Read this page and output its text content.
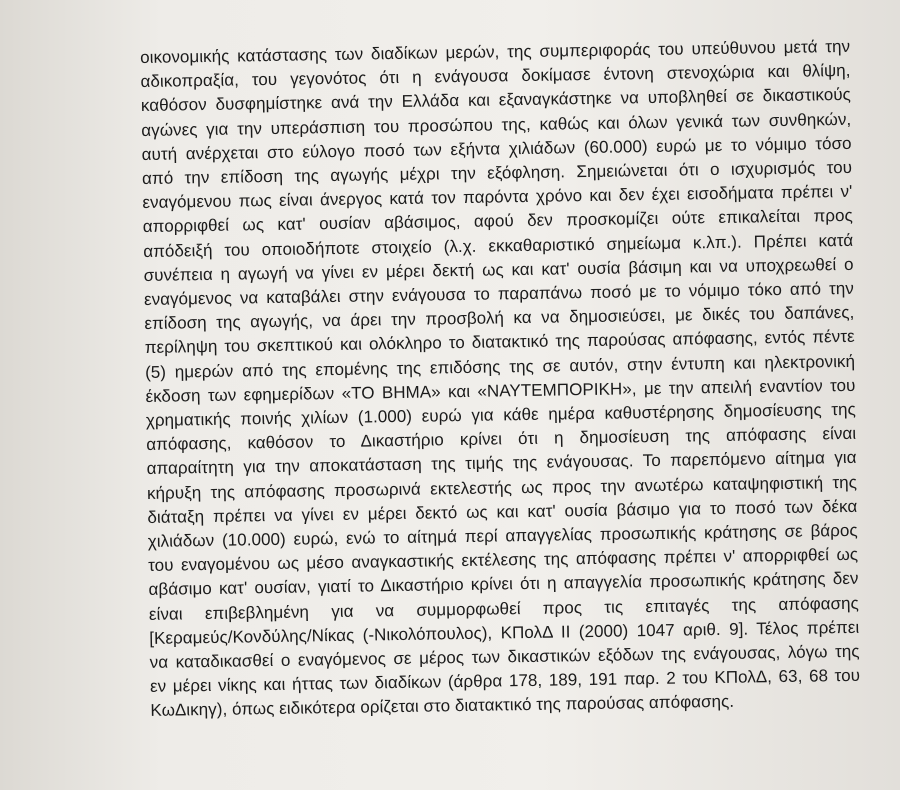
οικονομικής κατάστασης των διαδίκων μερών, της συμπεριφοράς του υπεύθυνου μετά την
αδικοπραξία, του γεγονότος ότι η ενάγουσα δοκίμασε έντονη στενοχώρια και θλίψη,
καθόσον δυσφημίστηκε ανά την Ελλάδα και εξαναγκάστηκε να υποβληθεί σε δικαστικούς
αγώνες για την υπεράσπιση του προσώπου της, καθώς και όλων γενικά των συνθηκών,
αυτή ανέρχεται στο εύλογο ποσό των εξήντα χιλιάδων (60.000) ευρώ με το νόμιμο τόσο
από την επίδοση της αγωγής μέχρι την εξόφληση. Σημειώνεται ότι ο ισχυρισμός του
εναγόμενου πως είναι άνεργος κατά τον παρόντα χρόνο και δεν έχει εισοδήματα πρέπει ν'
απορριφθεί ως κατ' ουσίαν αβάσιμος, αφού δεν προσκομίζει ούτε επικαλείται προς
απόδειξή του οποιοδήποτε στοιχείο (λ.χ. εκκαθαριστικό σημείωμα κ.λπ.). Πρέπει κατά
συνέπεια η αγωγή να γίνει εν μέρει δεκτή ως και κατ' ουσία βάσιμη και να υποχρεωθεί ο
εναγόμενος να καταβάλει στην ενάγουσα το παραπάνω ποσό με το νόμιμο τόκο από την
επίδοση της αγωγής, να άρει την προσβολή κα να δημοσιεύσει, με δικές του δαπάνες,
περίληψη του σκεπτικού και ολόκληρο το διατακτικό της παρούσας απόφασης, εντός πέντε
(5) ημερών από της επομένης της επιδόσης της σε αυτόν, στην έντυπη και ηλεκτρονική
έκδοση των εφημερίδων «ΤΟ ΒΗΜΑ» και «ΝΑΥΤΕΜΠΟΡΙΚΗ», με την απειλή εναντίον του
χρηματικής ποινής χιλίων (1.000) ευρώ για κάθε ημέρα καθυστέρησης δημοσίευσης της
απόφασης, καθόσον το Δικαστήριο κρίνει ότι η δημοσίευση της απόφασης είναι
απαραίτητη για την αποκατάσταση της τιμής της ενάγουσας. Το παρεπόμενο αίτημα για
κήρυξη της απόφασης προσωρινά εκτελεστής ως προς την ανωτέρω καταψηφιστική της
διάταξη πρέπει να γίνει εν μέρει δεκτό ως και κατ' ουσία βάσιμο για το ποσό των δέκα
χιλιάδων (10.000) ευρώ, ενώ το αίτημά περί απαγγελίας προσωπικής κράτησης σε βάρος
του εναγομένου ως μέσο αναγκαστικής εκτέλεσης της απόφασης πρέπει ν' απορριφθεί ως
αβάσιμο κατ' ουσίαν, γιατί το Δικαστήριο κρίνει ότι η απαγγελία προσωπικής κράτησης δεν
είναι επιβεβλημένη για να συμμορφωθεί προς τις επιταγές της απόφασης
[Κεραμεύς/Κονδύλης/Νίκας (-Νικολόπουλος), ΚΠολΔ ΙΙ (2000) 1047 αριθ. 9]. Τέλος πρέπει
να καταδικασθεί ο εναγόμενος σε μέρος των δικαστικών εξόδων της ενάγουσας, λόγω της
εν μέρει νίκης και ήττας των διαδίκων (άρθρα 178, 189, 191 παρ. 2 του ΚΠολΔ, 63, 68 του
ΚωΔικηγ), όπως ειδικότερα ορίζεται στο διατακτικό της παρούσας απόφασης.
